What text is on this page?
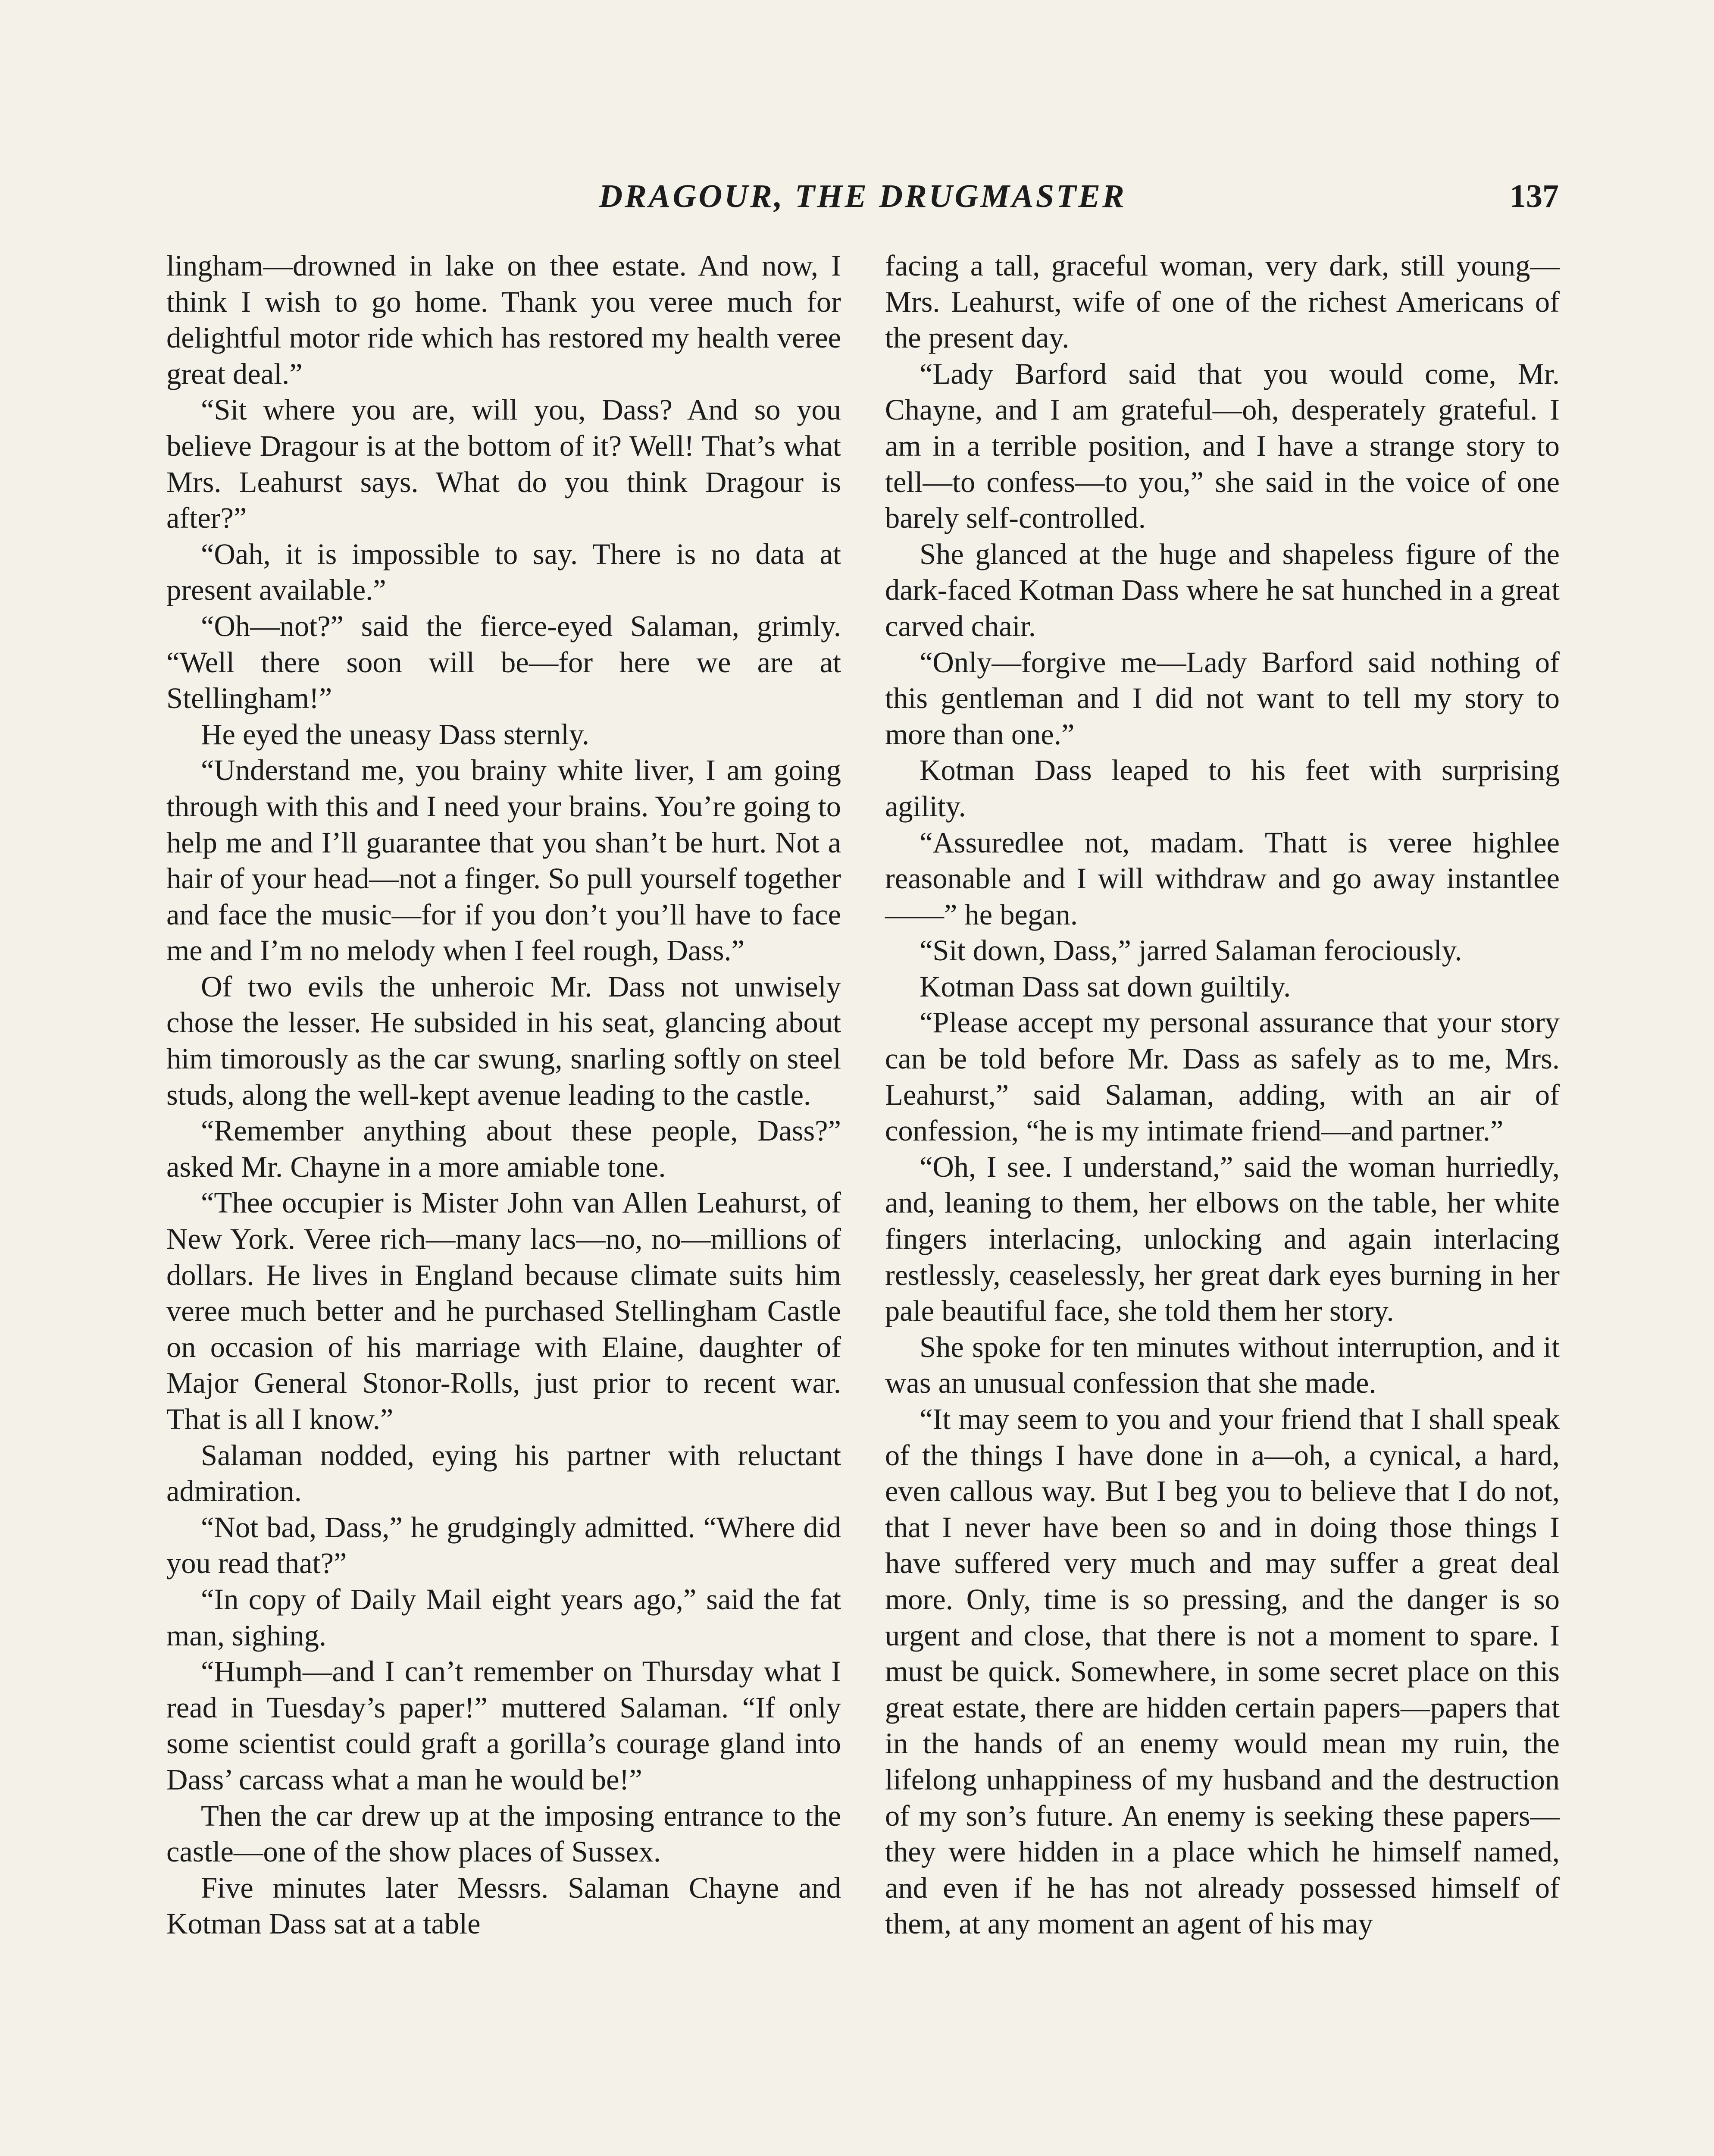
DRAGOUR, THE DRUGMASTER	137

lingham—drowned in lake on thee estate. And now, I think I wish to go home. Thank you veree much for delightful motor ride which has restored my health veree great deal.”

“Sit where you are, will you, Dass? And so you believe Dragour is at the bottom of it? Well! That’s what Mrs. Leahurst says. What do you think Dragour is after?”

“Oah, it is impossible to say. There is no data at present available.”

“Oh—not?” said the fierce-eyed Salaman, grimly. “Well there soon will be—for here we are at Stellingham!”

He eyed the uneasy Dass sternly.

“Understand me, you brainy white liver, I am going through with this and I need your brains. You’re going to help me and I’ll guarantee that you shan’t be hurt. Not a hair of your head—not a finger. So pull yourself together and face the music—for if you don’t you’ll have to face me and I’m no melody when I feel rough, Dass.”

Of two evils the unheroic Mr. Dass not unwisely chose the lesser. He subsided in his seat, glancing about him timorously as the car swung, snarling softly on steel studs, along the well-kept avenue leading to the castle.

“Remember anything about these people, Dass?” asked Mr. Chayne in a more amiable tone.

“Thee occupier is Mister John van Allen Leahurst, of New York. Veree rich—many lacs—no, no—millions of dollars. He lives in England because climate suits him veree much better and he purchased Stellingham Castle on occasion of his marriage with Elaine, daughter of Major General Stonor-Rolls, just prior to recent war. That is all I know.”

Salaman nodded, eying his partner with reluctant admiration.

“Not bad, Dass,” he grudgingly admitted. “Where did you read that?”

“In copy of Daily Mail eight years ago,” said the fat man, sighing.

“Humph—and I can’t remember on Thursday what I read in Tuesday’s paper!” muttered Salaman. “If only some scientist could graft a gorilla’s courage gland into Dass’ carcass what a man he would be!”

Then the car drew up at the imposing entrance to the castle—one of the show places of Sussex.

Five minutes later Messrs. Salaman Chayne and Kotman Dass sat at a table

facing a tall, graceful woman, very dark, still young—Mrs. Leahurst, wife of one of the richest Americans of the present day.

“Lady Barford said that you would come, Mr. Chayne, and I am grateful—oh, desperately grateful. I am in a terrible position, and I have a strange story to tell—to confess—to you,” she said in the voice of one barely self-controlled.

She glanced at the huge and shapeless figure of the dark-faced Kotman Dass where he sat hunched in a great carved chair.

“Only—forgive me—Lady Barford said nothing of this gentleman and I did not want to tell my story to more than one.”

Kotman Dass leaped to his feet with surprising agility.

“Assuredlee not, madam. Thatt is veree highlee reasonable and I will withdraw and go away instantlee——” he began.

“Sit down, Dass,” jarred Salaman ferociously.

Kotman Dass sat down guiltily.

“Please accept my personal assurance that your story can be told before Mr. Dass as safely as to me, Mrs. Leahurst,” said Salaman, adding, with an air of confession, “he is my intimate friend—and partner.”

“Oh, I see. I understand,” said the woman hurriedly, and, leaning to them, her elbows on the table, her white fingers interlacing, unlocking and again interlacing restlessly, ceaselessly, her great dark eyes burning in her pale beautiful face, she told them her story.

She spoke for ten minutes without interruption, and it was an unusual confession that she made.

“It may seem to you and your friend that I shall speak of the things I have done in a—oh, a cynical, a hard, even callous way. But I beg you to believe that I do not, that I never have been so and in doing those things I have suffered very much and may suffer a great deal more. Only, time is so pressing, and the danger is so urgent and close, that there is not a moment to spare. I must be quick. Somewhere, in some secret place on this great estate, there are hidden certain papers—papers that in the hands of an enemy would mean my ruin, the lifelong unhappiness of my husband and the destruction of my son’s future. An enemy is seeking these papers—they were hidden in a place which he himself named, and even if he has not already possessed himself of them, at any moment an agent of his may
